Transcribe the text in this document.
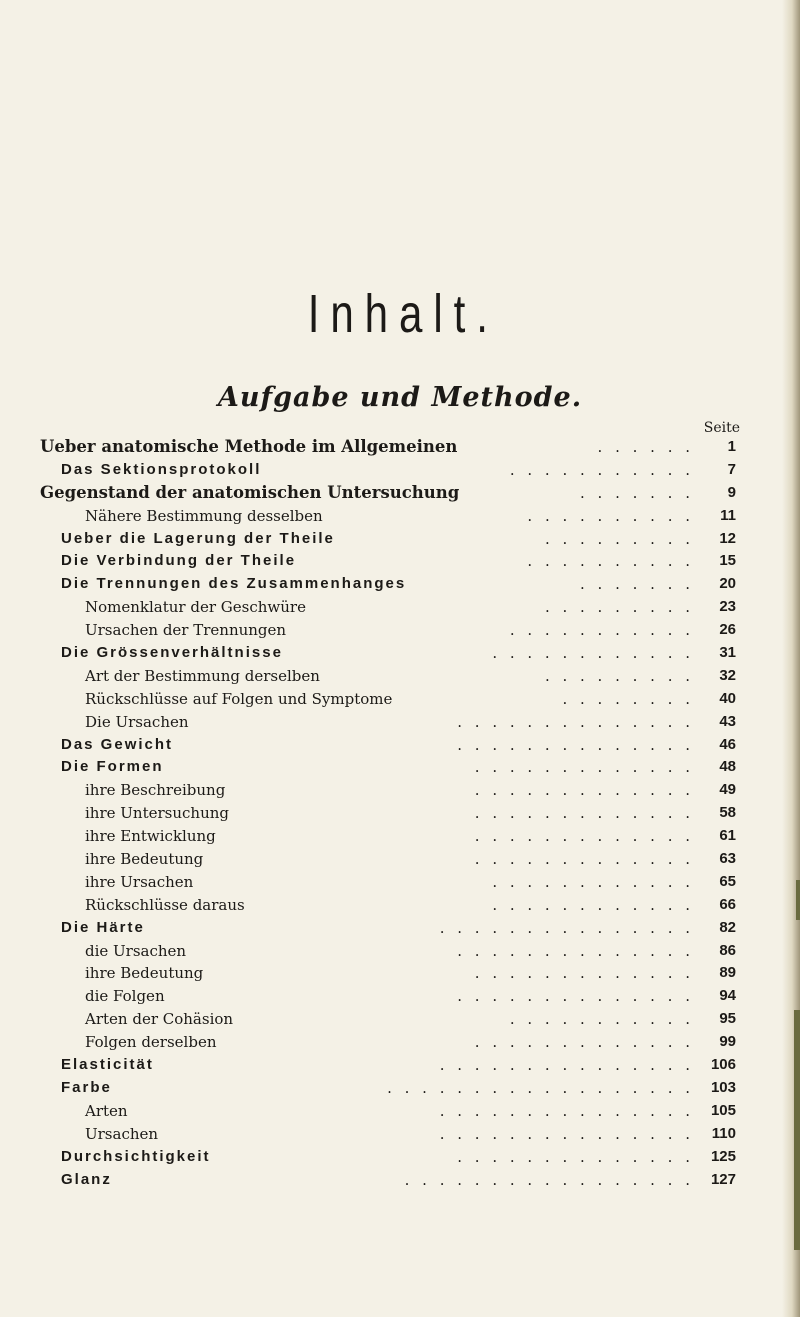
Inhalt.
Aufgabe und Methode.
Seite
Ueber anatomische Methode im Allgemeinen	. . . . . .	1
Das Sektionsprotokoll	. . . . . . . . . . .	7
Gegenstand der anatomischen Untersuchung	. . . . . . .	9
Nähere Bestimmung desselben	. . . . . . . . . .	11
Ueber die Lagerung der Theile	. . . . . . . . .	12
Die Verbindung der Theile	. . . . . . . . . .	15
Die Trennungen des Zusammenhanges	. . . . . . .	20
Nomenklatur der Geschwüre	. . . . . . . . .	23
Ursachen der Trennungen	. . . . . . . . . . .	26
Die Grössenverhältnisse	. . . . . . . . . . . .	31
Art der Bestimmung derselben	. . . . . . . . .	32
Rückschlüsse auf Folgen und Symptome	. . . . . . . .	40
Die Ursachen	. . . . . . . . . . . . . .	43
Das Gewicht	. . . . . . . . . . . . . .	46
Die Formen	. . . . . . . . . . . . .	48
ihre Beschreibung	. . . . . . . . . . . . .	49
ihre Untersuchung	. . . . . . . . . . . . .	58
ihre Entwicklung	. . . . . . . . . . . . .	61
ihre Bedeutung	. . . . . . . . . . . . .	63
ihre Ursachen	. . . . . . . . . . . .	65
Rückschlüsse daraus	. . . . . . . . . . . .	66
Die Härte	. . . . . . . . . . . . . . .	82
die Ursachen	. . . . . . . . . . . . . .	86
ihre Bedeutung	. . . . . . . . . . . . .	89
die Folgen	. . . . . . . . . . . . . .	94
Arten der Cohäsion	. . . . . . . . . . .	95
Folgen derselben	. . . . . . . . . . . . .	99
Elasticität	. . . . . . . . . . . . . . .	106
Farbe	. . . . . . . . . . . . . . . . . .	103
Arten	. . . . . . . . . . . . . . .	105
Ursachen	. . . . . . . . . . . . . . .	110
Durchsichtigkeit	. . . . . . . . . . . . . .	125
Glanz	. . . . . . . . . . . . . . . . .	127
